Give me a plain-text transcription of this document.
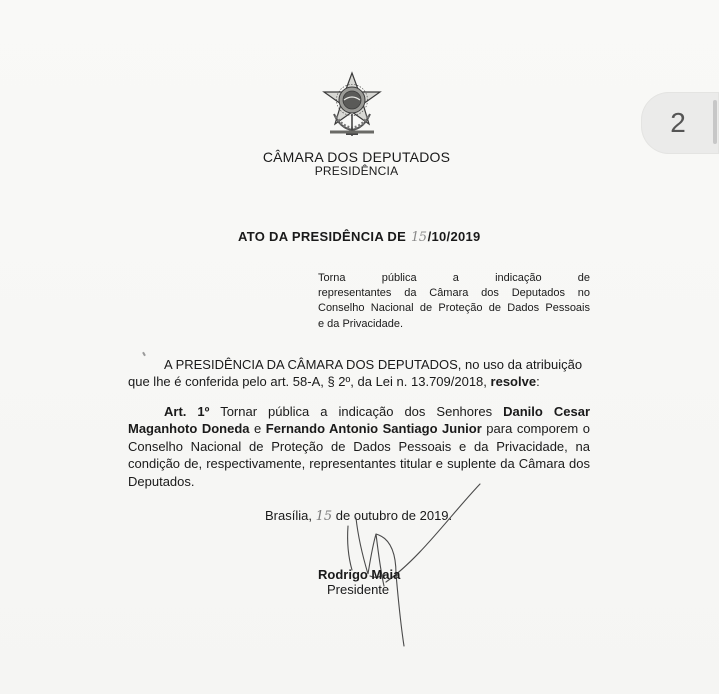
2
CÂMARA DOS DEPUTADOS
PRESIDÊNCIA
ATO DA PRESIDÊNCIA DE 15/10/2019
Torna pública a indicação de
representantes da Câmara dos Deputados no
Conselho Nacional de Proteção de Dados Pessoais
e da Privacidade.
A PRESIDÊNCIA DA CÂMARA DOS DEPUTADOS, no uso da atribuição
que lhe é conferida pelo art. 58-A, § 2º, da Lei n. 13.709/2018, resolve:
Art. 1º Tornar pública a indicação dos Senhores Danilo Cesar
Maganhoto Doneda e Fernando Antonio Santiago Junior para comporem o
Conselho Nacional de Proteção de Dados Pessoais e da Privacidade, na
condição de, respectivamente, representantes titular e suplente da Câmara dos
Deputados.
Brasília, 15 de outubro de 2019.
Rodrigo Maia
Presidente
